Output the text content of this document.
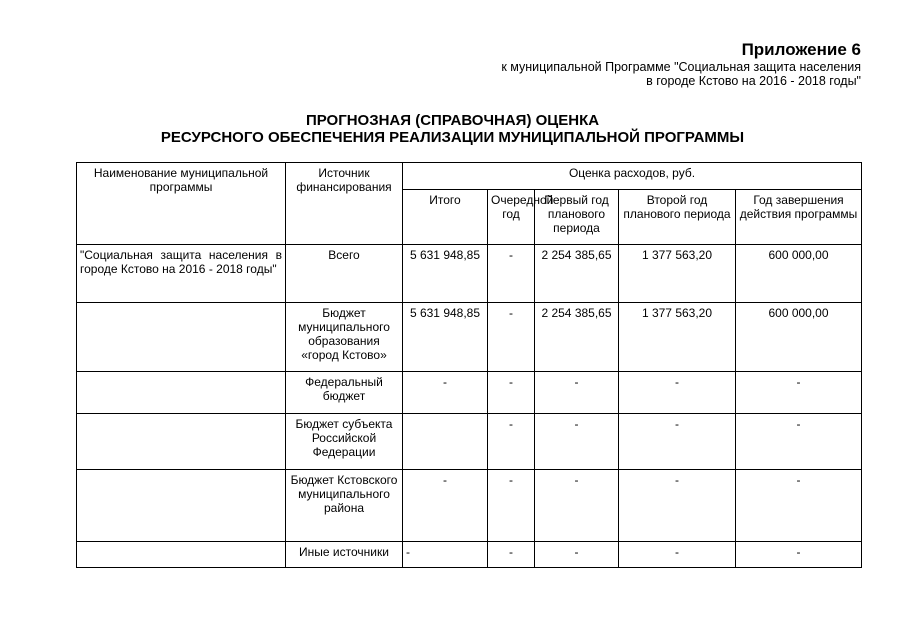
Приложение 6
к муниципальной Программе "Социальная защита населения
в городе Кстово на 2016 - 2018 годы"
ПРОГНОЗНАЯ (СПРАВОЧНАЯ) ОЦЕНКА
РЕСУРСНОГО ОБЕСПЕЧЕНИЯ РЕАЛИЗАЦИИ МУНИЦИПАЛЬНОЙ ПРОГРАММЫ
Наименование муниципальной программы	Источник финансирования	Оценка расходов, руб.				
		Итого	Очередной год	Первый год планового периода	Второй год планового периода	Год завершения действия программы
"Социальная защита населения в городе Кстово на 2016 - 2018 годы"	Всего	5 631 948,85	-	2 254 385,65	1 377 563,20	600 000,00
	Бюджет муниципального образования «город Кстово»	5 631 948,85	-	2 254 385,65	1 377 563,20	600 000,00
	Федеральный бюджет	-	-	-	-	-
	Бюджет субъекта Российской Федерации		-	-	-	-
	Бюджет Кстовского муниципального района	-	-	-	-	-
	Иные источники	-	-	-	-	-
